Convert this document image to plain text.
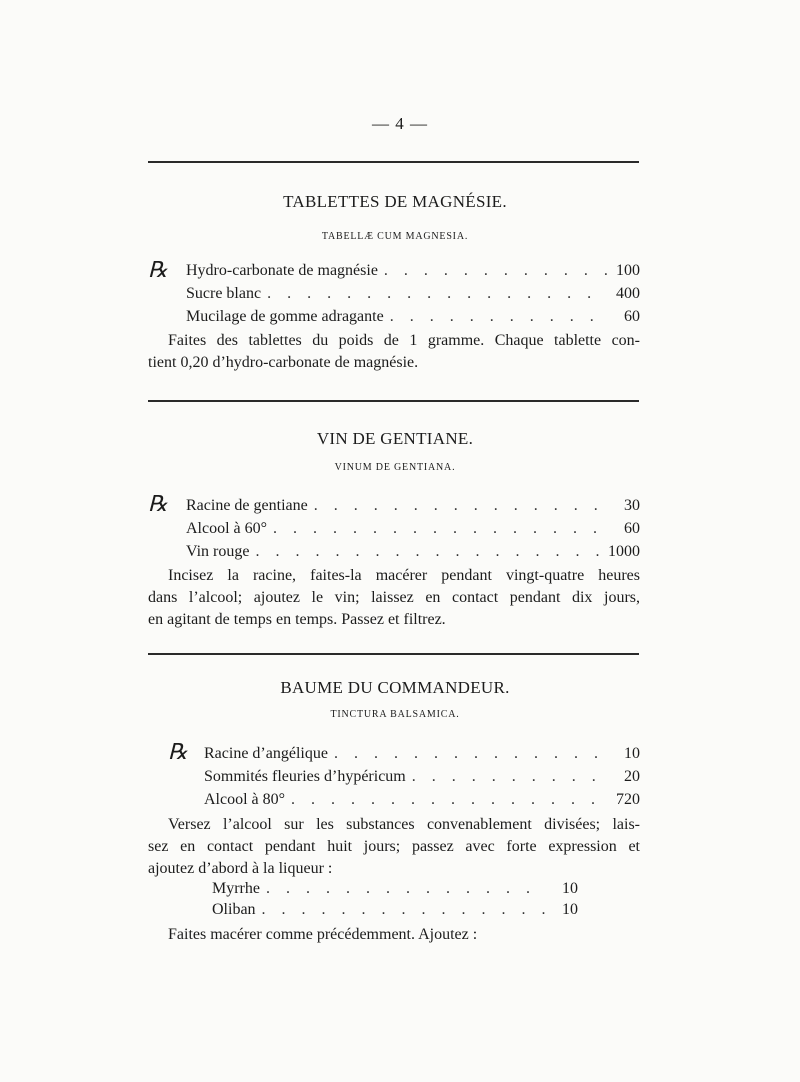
— 4 —
TABLETTES DE MAGNÉSIE.
TABELLÆ CUM MAGNESIA.
℞ Hydro-carbonate de magnésie . . .	100
Sucre blanc . . .	400
Mucilage de gomme adragante . . .	60
Faites des tablettes du poids de 1 gramme. Chaque tablette con-
tient 0,20 d’hydro-carbonate de magnésie.
VIN DE GENTIANE.
VINUM DE GENTIANA.
℞ Racine de gentiane . . .	30
Alcool à 60° . . .	60
Vin rouge . . .	1000
Incisez la racine, faites-la macérer pendant vingt-quatre heures
dans l’alcool; ajoutez le vin; laissez en contact pendant dix jours,
en agitant de temps en temps. Passez et filtrez.
BAUME DU COMMANDEUR.
TINCTURA BALSAMICA.
℞ Racine d’angélique . . .	10
Sommités fleuries d’hypéricum . . .	20
Alcool à 80° . . .	720
Versez l’alcool sur les substances convenablement divisées; lais-
sez en contact pendant huit jours; passez avec forte expression et
ajoutez d’abord à la liqueur :
Myrrhe . . .	10
Oliban . . .	10
Faites macérer comme précédemment. Ajoutez :
